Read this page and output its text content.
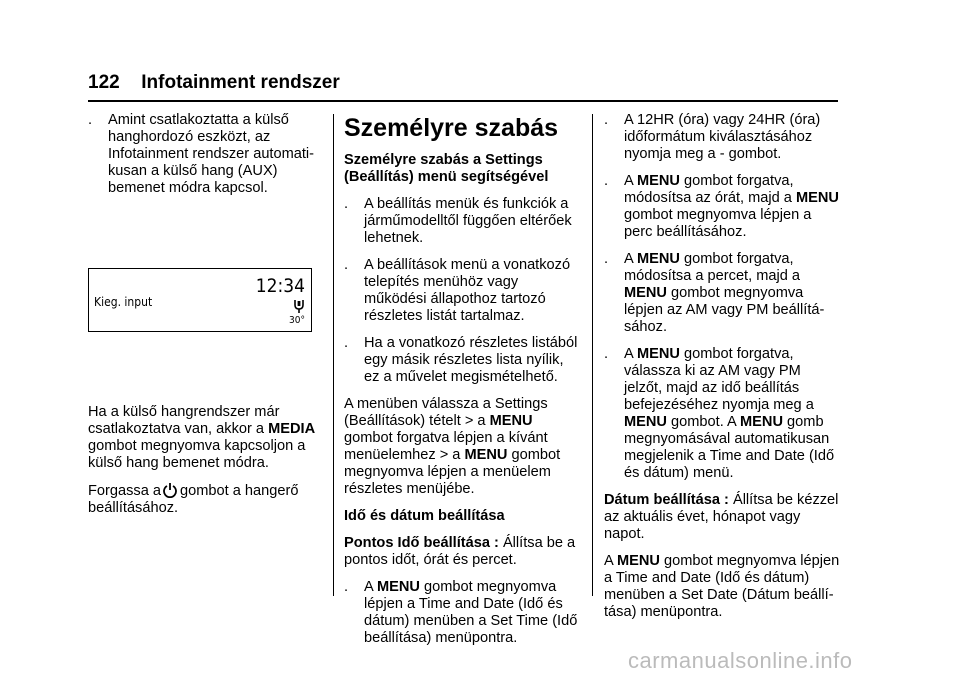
122 Infotainment rendszer
. Amint csatlakoztatta a külső hanghordozó eszközt, az Infotainment rendszer automati-kusan a külső hang (AUX) bemenet módra kapcsol.
Kieg. input
12:34
30°

Ha a külső hangrendszer már csatlakoztatva van, akkor a MEDIA gombot megnyomva kapcsoljon a külső hang bemenet módra.

Forgassa a gombot a hangerő beállításához.

Személyre szabás

Személyre szabás a Settings (Beállítás) menü segítségével

. A beállítás menük és funkciók a járműmodelltől függően eltérőek lehetnek.
. A beállítások menü a vonatkozó telepítés menühöz vagy működési állapothoz tartozó részletes listát tartalmaz.
. Ha a vonatkozó részletes listából egy másik részletes lista nyílik, ez a művelet megismételhető.

A menüben válassza a Settings (Beállítások) tételt > a MENU gombot forgatva lépjen a kívánt menüelemhez > a MENU gombot megnyomva lépjen a menüelem részletes menüjébe.

Idő és dátum beállítása

Pontos Idő beállítása : Állítsa be a pontos időt, órát és percet.

. A MENU gombot megnyomva lépjen a Time and Date (Idő és dátum) menüben a Set Time (Idő beállítása) menüpontra.
. A 12HR (óra) vagy 24HR (óra) időformátum kiválasztásához nyomja meg a - gombot.
. A MENU gombot forgatva, módosítsa az órát, majd a MENU gombot megnyomva lépjen a perc beállításához.
. A MENU gombot forgatva, módosítsa a percet, majd a MENU gombot megnyomva lépjen az AM vagy PM beállítá-sához.
. A MENU gombot forgatva, válassza ki az AM vagy PM jelzőt, majd az idő beállítás befejezéséhez nyomja meg a MENU gombot. A MENU gomb megnyomásával automatikusan megjelenik a Time and Date (Idő és dátum) menü.

Dátum beállítása : Állítsa be kézzel az aktuális évet, hónapot vagy napot.

A MENU gombot megnyomva lépjen a Time and Date (Idő és dátum) menüben a Set Date (Dátum beállí-tása) menüpontra.

carmanualsonline.info
